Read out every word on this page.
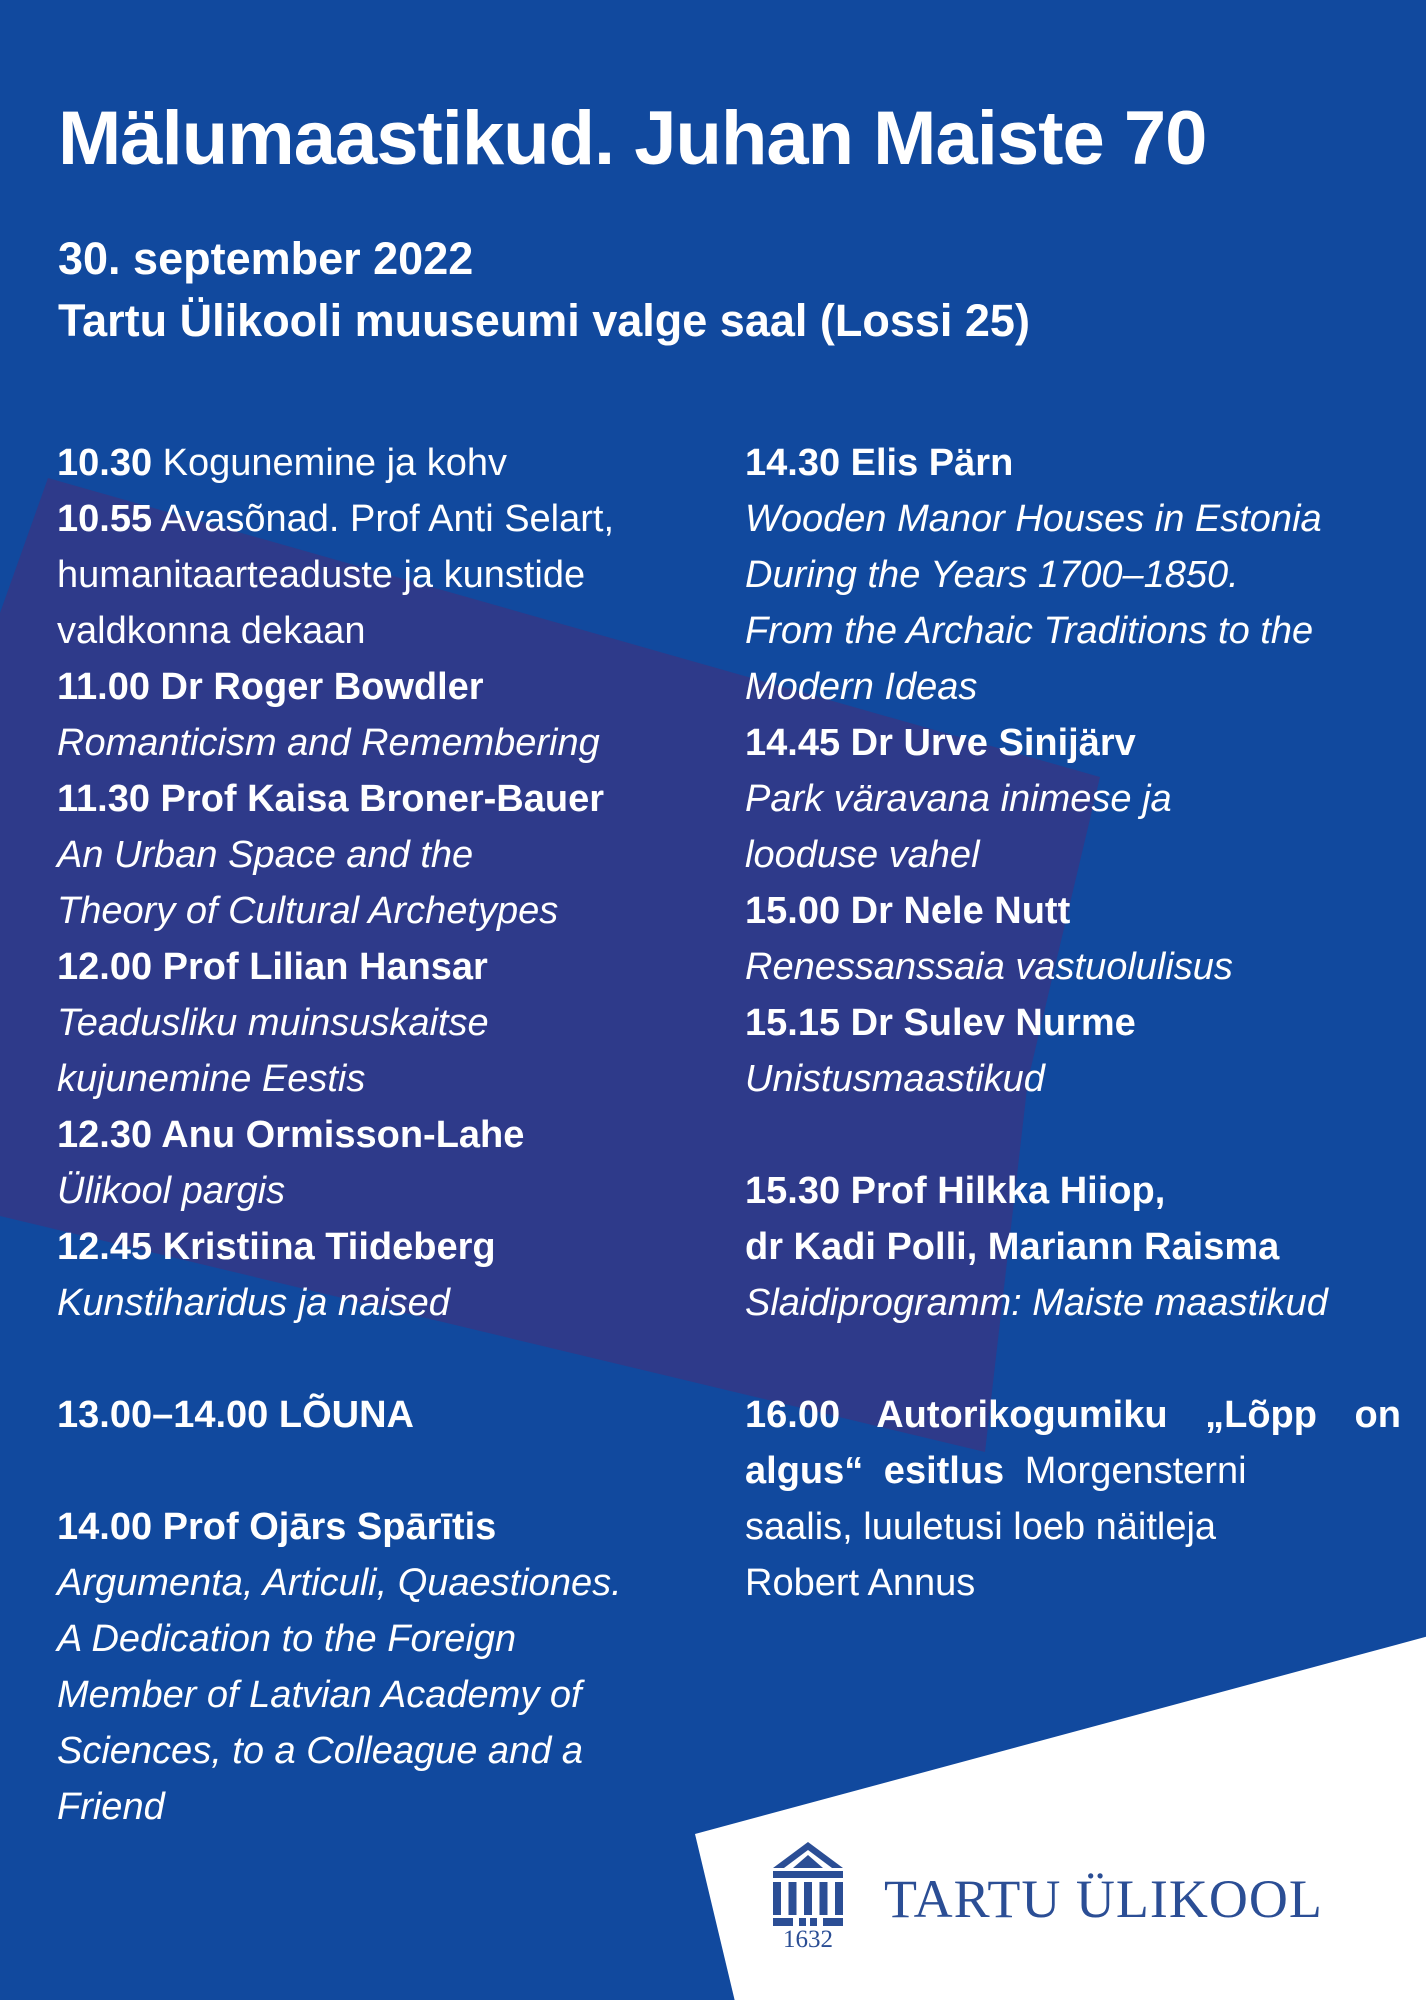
Mälumaastikud. Juhan Maiste 70
30. september 2022
Tartu Ülikooli muuseumi valge saal (Lossi 25)
10.30 Kogunemine ja kohv
10.55 Avasõnad. Prof Anti Selart,
humanitaarteaduste ja kunstide
valdkonna dekaan
11.00 Dr Roger Bowdler
Romanticism and Remembering
11.30 Prof Kaisa Broner-Bauer
An Urban Space and the
Theory of Cultural Archetypes
12.00 Prof Lilian Hansar
Teadusliku muinsuskaitse
kujunemine Eestis
12.30 Anu Ormisson-Lahe
Ülikool pargis
12.45 Kristiina Tiideberg
Kunstiharidus ja naised
13.00–14.00 LÕUNA
14.00 Prof Ojārs Spārītis
Argumenta, Articuli, Quaestiones.
A Dedication to the Foreign
Member of Latvian Academy of
Sciences, to a Colleague and a
Friend
14.30 Elis Pärn
Wooden Manor Houses in Estonia
During the Years 1700–1850.
From the Archaic Traditions to the
Modern Ideas
14.45 Dr Urve Sinijärv
Park väravana inimese ja
looduse vahel
15.00 Dr Nele Nutt
Renessanssaia vastuolulisus
15.15 Dr Sulev Nurme
Unistusmaastikud
15.30 Prof Hilkka Hiiop,
dr Kadi Polli, Mariann Raisma
Slaidiprogramm: Maiste maastikud
16.00 Autorikogumiku „Lõpp on
algus“ esitlus Morgensterni
saalis, luuletusi loeb näitleja
Robert Annus
1632
TARTU ÜLIKOOL
